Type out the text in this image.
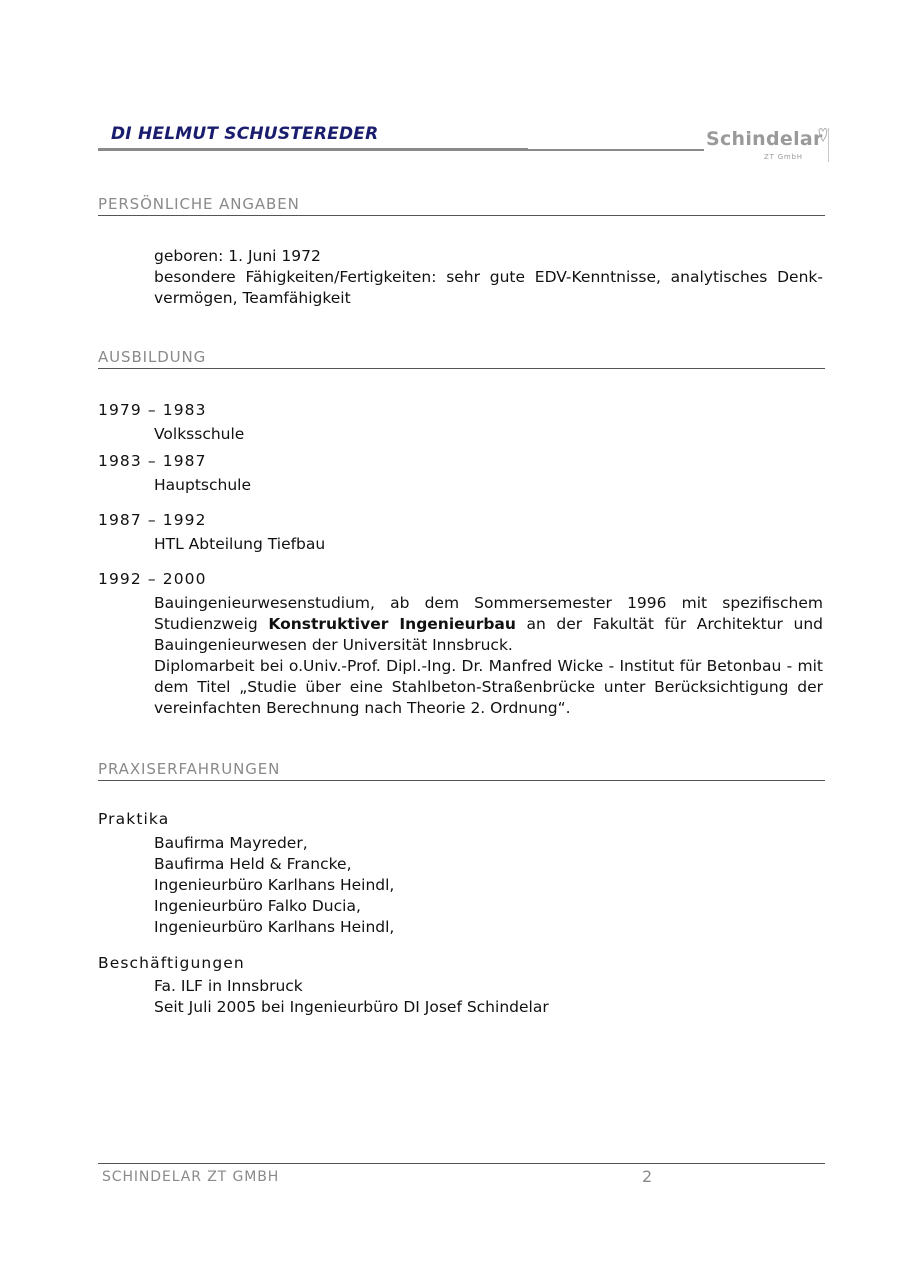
DI HELMUT SCHUSTEREDER	Schindelar
ZT GmbH
PERSÖNLICHE ANGABEN
geboren: 1. Juni 1972
besondere Fähigkeiten/Fertigkeiten: sehr gute EDV-Kenntnisse, analytisches Denk-
vermögen, Teamfähigkeit
AUSBILDUNG
1979 – 1983
Volksschule
1983 – 1987
Hauptschule
1987 – 1992
HTL Abteilung Tiefbau
1992 – 2000
Bauingenieurwesenstudium, ab dem Sommersemester 1996 mit spezifischem Studienzweig Konstruktiver Ingenieurbau an der Fakultät für Architektur und Bauingenieurwesen der Universität Innsbruck.
Diplomarbeit bei o.Univ.-Prof. Dipl.-Ing. Dr. Manfred Wicke - Institut für Betonbau - mit dem Titel „Studie über eine Stahlbeton-Straßenbrücke unter Berücksichtigung der vereinfachten Berechnung nach Theorie 2. Ordnung“.
PRAXISERFAHRUNGEN
Praktika
Baufirma Mayreder,
Baufirma Held & Francke,
Ingenieurbüro Karlhans Heindl,
Ingenieurbüro Falko Ducia,
Ingenieurbüro Karlhans Heindl,
Beschäftigungen
Fa. ILF in Innsbruck
Seit Juli 2005 bei Ingenieurbüro DI Josef Schindelar
SCHINDELAR ZT GMBH	2
